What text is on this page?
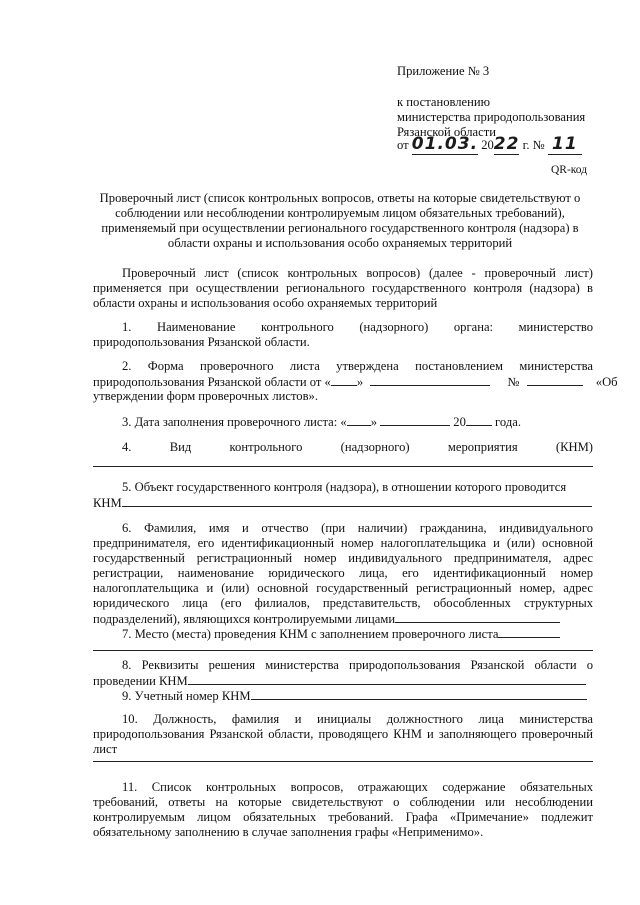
Приложение № 3
к постановлению
министерства природопользования
Рязанской области
от 01.03. 2022 г. № 11
QR-код
Проверочный лист (список контрольных вопросов, ответы на которые свидетельствуют о
соблюдении или несоблюдении контролируемым лицом обязательных требований),
применяемый при осуществлении регионального государственного контроля (надзора) в
области охраны и использования особо охраняемых территорий
Проверочный лист (список контрольных вопросов) (далее - проверочный лист)
применяется при осуществлении регионального государственного контроля (надзора) в
области охраны и использования особо охраняемых территорий
1. Наименование контрольного (надзорного) органа: министерство
природопользования Рязанской области.
2. Форма проверочного листа утверждена постановлением министерства
природопользования Рязанской области от « »	№	«Об
утверждении форм проверочных листов».
3. Дата заполнения проверочного листа: « »	20 года.
4. Вид контрольного (надзорного) мероприятия (КНМ)
5. Объект государственного контроля (надзора), в отношении которого проводится
КНМ
6. Фамилия, имя и отчество (при наличии) гражданина, индивидуального
предпринимателя, его идентификационный номер налогоплательщика и (или) основной
государственный регистрационный номер индивидуального предпринимателя, адрес
регистрации, наименование юридического лица, его идентификационный номер
налогоплательщика и (или) основной государственный регистрационный номер, адрес
юридического лица (его филиалов, представительств, обособленных структурных
подразделений), являющихся контролируемыми лицами
7. Место (места) проведения КНМ с заполнением проверочного листа
8. Реквизиты решения министерства природопользования Рязанской области о
проведении КНМ
9. Учетный номер КНМ
10. Должность, фамилия и инициалы должностного лица министерства
природопользования Рязанской области, проводящего КНМ и заполняющего проверочный
лист
11. Список контрольных вопросов, отражающих содержание обязательных
требований, ответы на которые свидетельствуют о соблюдении или несоблюдении
контролируемым лицом обязательных требований. Графа «Примечание» подлежит
обязательному заполнению в случае заполнения графы «Неприменимо».
